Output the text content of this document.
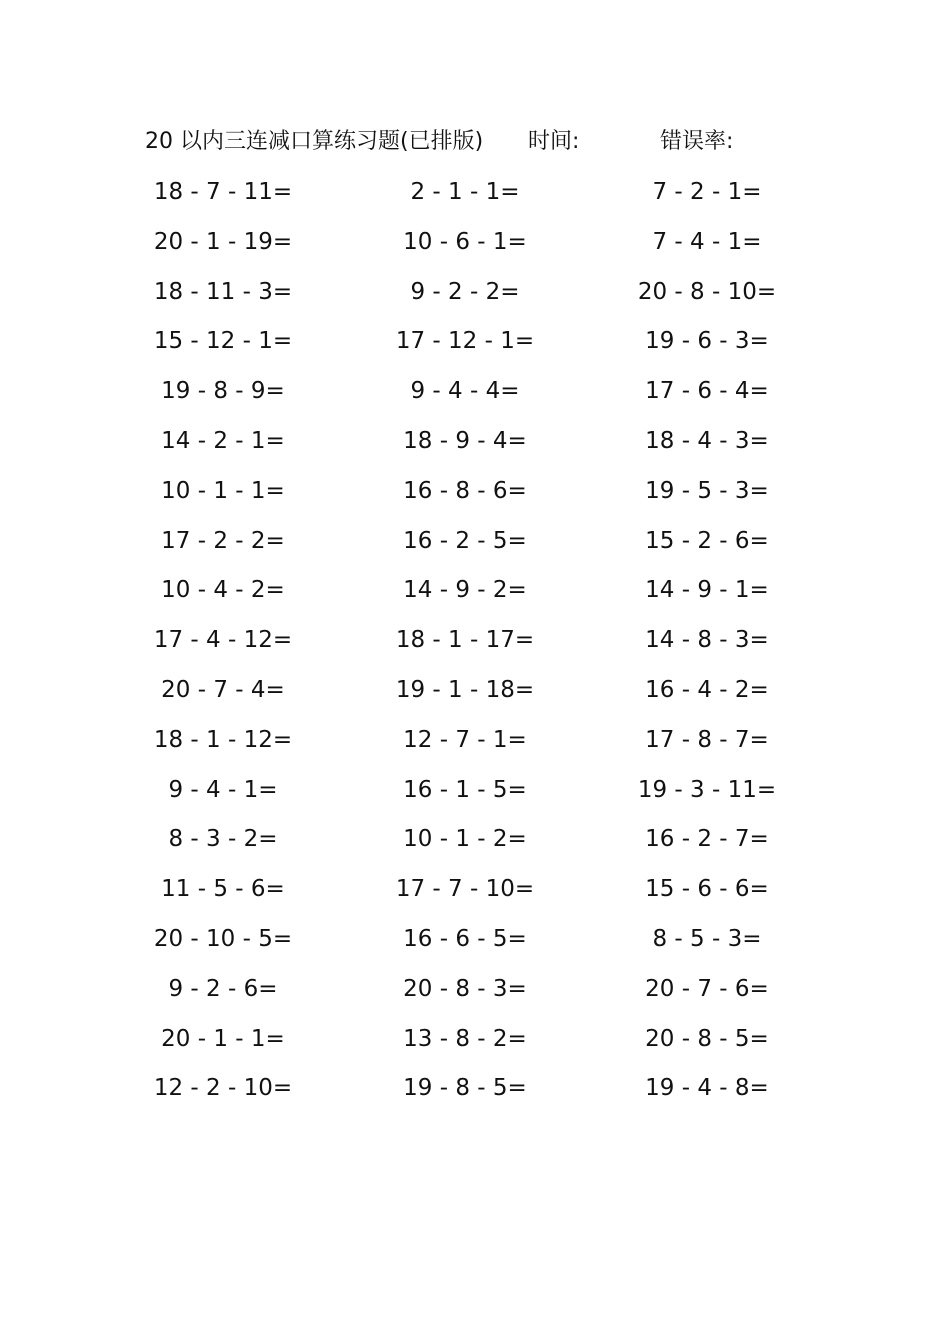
20 以内三连减口算练习题(已排版) 时间:	错误率:
18 - 7 - 11=	2 - 1 - 1=	7 - 2 - 1=
20 - 1 - 19=	10 - 6 - 1=	7 - 4 - 1=
18 - 11 - 3=	9 - 2 - 2=	20 - 8 - 10=
15 - 12 - 1=	17 - 12 - 1=	19 - 6 - 3=
19 - 8 - 9=	9 - 4 - 4=	17 - 6 - 4=
14 - 2 - 1=	18 - 9 - 4=	18 - 4 - 3=
10 - 1 - 1=	16 - 8 - 6=	19 - 5 - 3=
17 - 2 - 2=	16 - 2 - 5=	15 - 2 - 6=
10 - 4 - 2=	14 - 9 - 2=	14 - 9 - 1=
17 - 4 - 12=	18 - 1 - 17=	14 - 8 - 3=
20 - 7 - 4=	19 - 1 - 18=	16 - 4 - 2=
18 - 1 - 12=	12 - 7 - 1=	17 - 8 - 7=
9 - 4 - 1=	16 - 1 - 5=	19 - 3 - 11=
8 - 3 - 2=	10 - 1 - 2=	16 - 2 - 7=
11 - 5 - 6=	17 - 7 - 10=	15 - 6 - 6=
20 - 10 - 5=	16 - 6 - 5=	8 - 5 - 3=
9 - 2 - 6=	20 - 8 - 3=	20 - 7 - 6=
20 - 1 - 1=	13 - 8 - 2=	20 - 8 - 5=
12 - 2 - 10=	19 - 8 - 5=	19 - 4 - 8=
